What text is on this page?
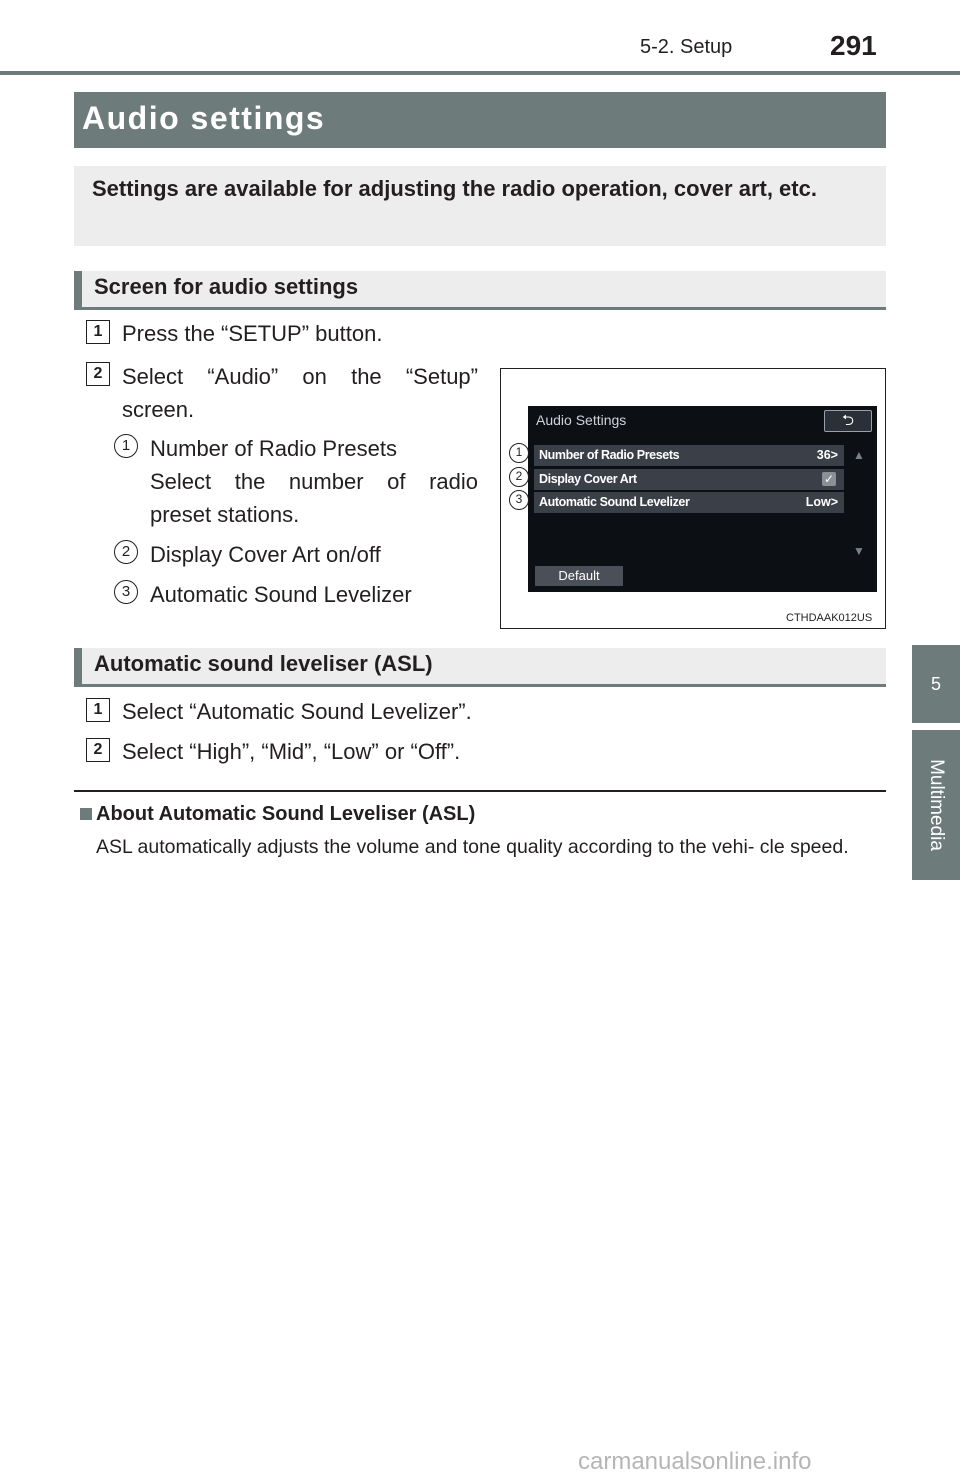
5-2. Setup	291
5
Multimedia
Audio settings

Settings are available for adjusting the radio operation, cover art, etc.

Screen for audio settings
1 Press the “SETUP” button.
2 Select “Audio” on the “Setup”
screen.
1 Number of Radio Presets
Select the number of radio
preset stations.
2 Display Cover Art on/off
3 Automatic Sound Levelizer
Audio Settings	⮌
Number of Radio Presets	36>
Display Cover Art	✓
Automatic Sound Levelizer	Low>
▲
▼
Default
1
2
3
CTHDAAK012US
Automatic sound leveliser (ASL)
1 Select “Automatic Sound Levelizer”.
2 Select “High”, “Mid”, “Low” or “Off”.
About Automatic Sound Leveliser (ASL)

ASL automatically adjusts the volume and tone quality according to the vehi- cle speed.

carmanualsonline.info
